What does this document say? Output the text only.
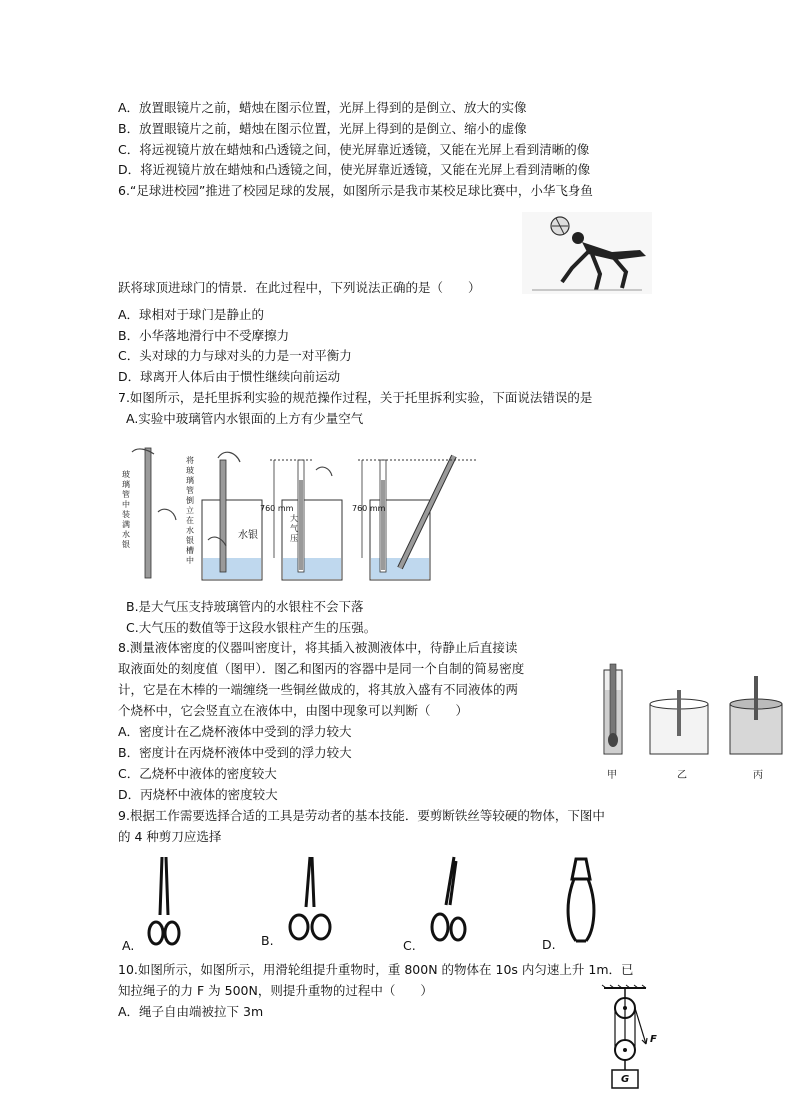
A．放置眼镜片之前，蜡烛在图示位置，光屏上得到的是倒立、放大的实像
B．放置眼镜片之前，蜡烛在图示位置，光屏上得到的是倒立、缩小的虚像
C．将远视镜片放在蜡烛和凸透镜之间，使光屏靠近透镜，又能在光屏上看到清晰的像
D．将近视镜片放在蜡烛和凸透镜之间，使光屏靠近透镜，又能在光屏上看到清晰的像
6.“足球进校园”推进了校园足球的发展，如图所示是我市某校足球比赛中，小华飞身鱼
跃将球顶进球门的情景．在此过程中，下列说法正确的是（　　）
A．球相对于球门是静止的
B．小华落地滑行中不受摩擦力
C．头对球的力与球对头的力是一对平衡力
D．球离开人体后由于惯性继续向前运动
7.如图所示，是托里拆利实验的规范操作过程，关于托里拆利实验，下面说法错误的是
A.实验中玻璃管内水银面的上方有少量空气
玻璃管中装满水银
将玻璃管倒立在水银槽中
水银
760 mm
大气压
760 mm
B.是大气压支持玻璃管内的水银柱不会下落
C.大气压的数值等于这段水银柱产生的压强。
8.测量液体密度的仪器叫密度计，将其插入被测液体中，待静止后直接读
取液面处的刻度值（图甲）．图乙和图丙的容器中是同一个自制的简易密度
计，它是在木棒的一端缠绕一些铜丝做成的，将其放入盛有不同液体的两
个烧杯中，它会竖直立在液体中，由图中现象可以判断（　　）
A．密度计在乙烧杯液体中受到的浮力较大
B．密度计在丙烧杯液体中受到的浮力较大
C．乙烧杯中液体的密度较大
D．丙烧杯中液体的密度较大
甲	乙	丙
9.根据工作需要选择合适的工具是劳动者的基本技能．要剪断铁丝等较硬的物体，下图中
的 4 种剪刀应选择
A.	B.	C.	D.
10.如图所示，如图所示，用滑轮组提升重物时，重 800N 的物体在 10s 内匀速上升 1m．已
知拉绳子的力 F 为 500N，则提升重物的过程中（　　）
A．绳子自由端被拉下 3m
F
G
